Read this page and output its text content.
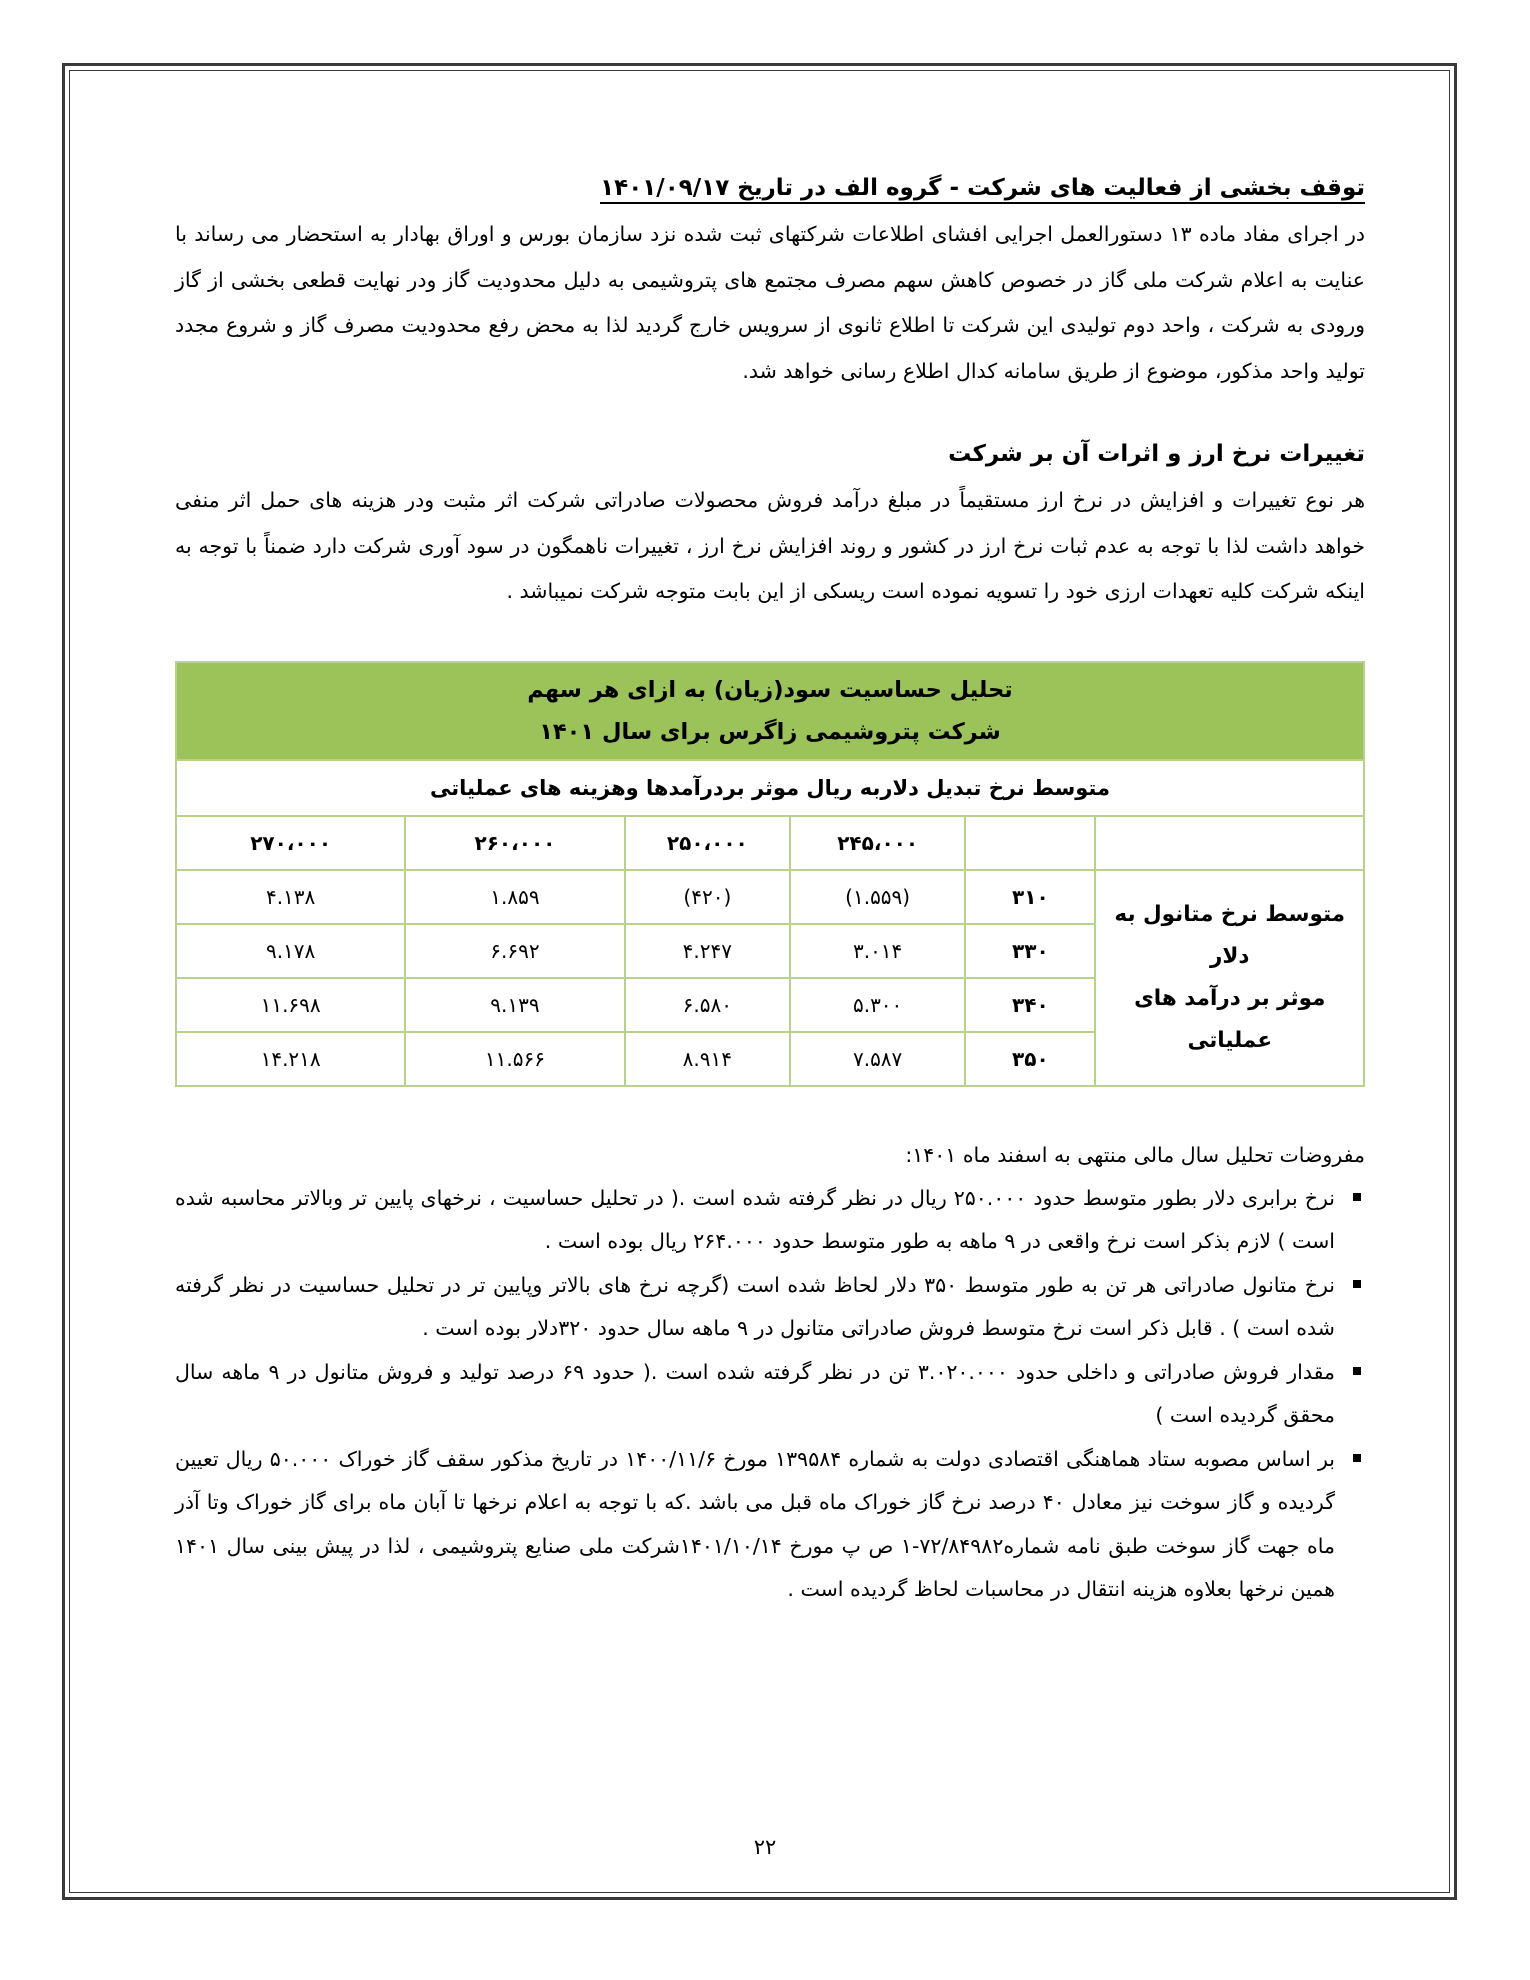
توقف بخشی از فعالیت های شرکت - گروه الف در تاریخ ۱۴۰۱/۰۹/۱۷

در اجرای مفاد ماده ۱۳ دستورالعمل اجرایی افشای اطلاعات شرکتهای ثبت شده نزد سازمان بورس و اوراق بهادار به استحضار می رساند با عنایت به اعلام شرکت ملی گاز در خصوص کاهش سهم مصرف مجتمع های پتروشیمی به دلیل محدودیت گاز ودر نهایت قطعی بخشی از گاز ورودی به شرکت ، واحد دوم تولیدی این شرکت تا اطلاع ثانوی از سرویس خارج گردید لذا به محض رفع محدودیت مصرف گاز و شروع مجدد تولید واحد مذکور، موضوع از طریق سامانه کدال اطلاع رسانی خواهد شد.

تغییرات نرخ ارز و اثرات آن بر شرکت

هر نوع تغییرات و افزایش در نرخ ارز مستقیماً در مبلغ درآمد فروش محصولات صادراتی شرکت اثر مثبت ودر هزینه های حمل اثر منفی خواهد داشت لذا با توجه به عدم ثبات نرخ ارز در کشور و روند افزایش نرخ ارز ، تغییرات ناهمگون در سود آوری شرکت دارد ضمناً با توجه به اینکه شرکت کلیه تعهدات ارزی خود را تسویه نموده است ریسکی از این بابت متوجه شرکت نمیباشد .

تحلیل حساسیت سود(زیان) به ازای هر سهم
شرکت پتروشیمی زاگرس برای سال ۱۴۰۱					

متوسط نرخ تبدیل دلاربه ریال موثر بردرآمدها وهزینه های عملیاتی					
		۲۴۵،۰۰۰	۲۵۰،۰۰۰	۲۶۰،۰۰۰	۲۷۰،۰۰۰

متوسط نرخ متانول به دلار
موثر بر درآمد های عملیاتی	۳۱۰	(۱.۵۵۹)	(۴۲۰)	۱.۸۵۹	۴.۱۳۸
	۳۳۰	۳.۰۱۴	۴.۲۴۷	۶.۶۹۲	۹.۱۷۸
	۳۴۰	۵.۳۰۰	۶.۵۸۰	۹.۱۳۹	۱۱.۶۹۸
	۳۵۰	۷.۵۸۷	۸.۹۱۴	۱۱.۵۶۶	۱۴.۲۱۸

مفروضات تحلیل سال مالی منتهی به اسفند ماه ۱۴۰۱:

نرخ برابری دلار بطور متوسط حدود ۲۵۰.۰۰۰ ریال در نظر گرفته شده است .( در تحلیل حساسیت ، نرخهای پایین تر وبالاتر محاسبه شده است ) لازم بذکر است نرخ واقعی در ۹ ماهه به طور متوسط حدود ۲۶۴.۰۰۰ ریال بوده است .
نرخ متانول صادراتی هر تن به طور متوسط ۳۵۰ دلار لحاظ شده است (گرچه نرخ های بالاتر وپایین تر در تحلیل حساسیت در نظر گرفته شده است ) . قابل ذکر است نرخ متوسط فروش صادراتی متانول در ۹ ماهه سال حدود ۳۲۰دلار بوده است .
مقدار فروش صادراتی و داخلی حدود ۳.۰۲۰.۰۰۰ تن در نظر گرفته شده است .( حدود ۶۹ درصد تولید و فروش متانول در ۹ ماهه سال محقق گردیده است )
بر اساس مصوبه ستاد هماهنگی اقتصادی دولت به شماره ۱۳۹۵۸۴ مورخ ۱۴۰۰/۱۱/۶ در تاریخ مذکور سقف گاز خوراک ۵۰.۰۰۰ ریال تعیین گردیده و گاز سوخت نیز معادل ۴۰ درصد نرخ گاز خوراک ماه قبل می باشد .که با توجه به اعلام نرخها تا آبان ماه برای گاز خوراک وتا آذر ماه جهت گاز سوخت طبق نامه شماره۷۲/۸۴۹۸۲-۱ ص پ مورخ ۱۴۰۱/۱۰/۱۴شرکت ملی صنایع پتروشیمی ، لذا در پیش بینی سال ۱۴۰۱ همین نرخها بعلاوه هزینه انتقال در محاسبات لحاظ گردیده است .
۲۲
